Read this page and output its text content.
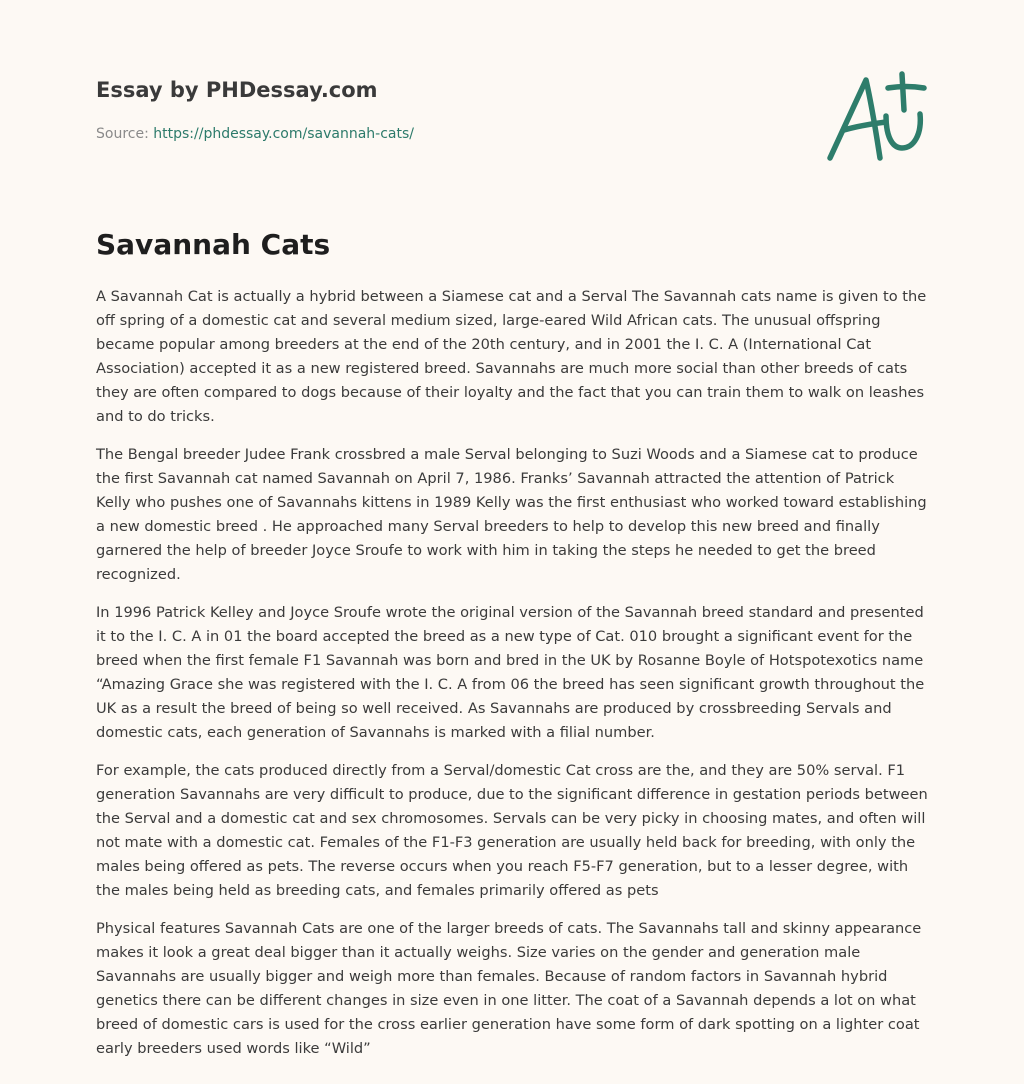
Essay by PHDessay.com
Source: https://phdessay.com/savannah-cats/
Savannah Cats

A Savannah Cat is actually a hybrid between a Siamese cat and a Serval The Savannah cats name is given to the off spring of a domestic cat and several medium sized, large-eared Wild African cats. The unusual offspring became popular among breeders at the end of the 20th century, and in 2001 the I. C. A (International Cat Association) accepted it as a new registered breed. Savannahs are much more social than other breeds of cats they are often compared to dogs because of their loyalty and the fact that you can train them to walk on leashes and to do tricks.

The Bengal breeder Judee Frank crossbred a male Serval belonging to Suzi Woods and a Siamese cat to produce the first Savannah cat named Savannah on April 7, 1986. Franks’ Savannah attracted the attention of Patrick Kelly who pushes one of Savannahs kittens in 1989 Kelly was the first enthusiast who worked toward establishing a new domestic breed . He approached many Serval breeders to help to develop this new breed and finally garnered the help of breeder Joyce Sroufe to work with him in taking the steps he needed to get the breed recognized.

In 1996 Patrick Kelley and Joyce Sroufe wrote the original version of the Savannah breed standard and presented it to the I. C. A in 01 the board accepted the breed as a new type of Cat. 010 brought a significant event for the breed when the first female F1 Savannah was born and bred in the UK by Rosanne Boyle of Hotspotexotics name “Amazing Grace she was registered with the I. C. A from 06 the breed has seen significant growth throughout the UK as a result the breed of being so well received. As Savannahs are produced by crossbreeding Servals and domestic cats, each generation of Savannahs is marked with a filial number.

For example, the cats produced directly from a Serval/domestic Cat cross are the, and they are 50% serval. F1 generation Savannahs are very difficult to produce, due to the significant difference in gestation periods between the Serval and a domestic cat and sex chromosomes. Servals can be very picky in choosing mates, and often will not mate with a domestic cat. Females of the F1-F3 generation are usually held back for breeding, with only the males being offered as pets. The reverse occurs when you reach F5-F7 generation, but to a lesser degree, with the males being held as breeding cats, and females primarily offered as pets

Physical features Savannah Cats are one of the larger breeds of cats. The Savannahs tall and skinny appearance makes it look a great deal bigger than it actually weighs. Size varies on the gender and generation male Savannahs are usually bigger and weigh more than females. Because of random factors in Savannah hybrid genetics there can be different changes in size even in one litter. The coat of a Savannah depends a lot on what breed of domestic cars is used for the cross earlier generation have some form of dark spotting on a lighter coat early breeders used words like “Wild”
